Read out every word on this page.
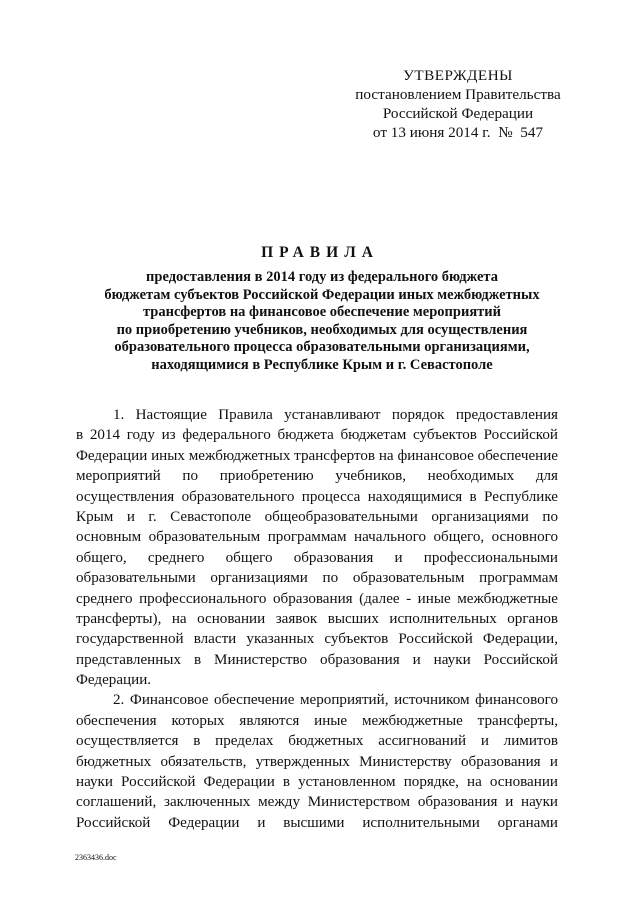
УТВЕРЖДЕНЫ
постановлением Правительства
Российской Федерации
от 13 июня 2014 г.  №  547
ПРАВИЛА
предоставления в 2014 году из федерального бюджета
бюджетам субъектов Российской Федерации иных межбюджетных
трансфертов на финансовое обеспечение мероприятий
по приобретению учебников, необходимых для осуществления
образовательного процесса образовательными организациями,
находящимися в Республике Крым и г. Севастополе
1. Настоящие Правила устанавливают порядок предоставления
в 2014 году из федерального бюджета бюджетам субъектов Российской
Федерации иных межбюджетных трансфертов на финансовое обеспечение
мероприятий по приобретению учебников, необходимых для
осуществления образовательного процесса находящимися в Республике
Крым и г. Севастополе общеобразовательными организациями по
основным образовательным программам начального общего, основного
общего, среднего общего образования и профессиональными
образовательными организациями по образовательным программам
среднего профессионального образования (далее - иные межбюджетные
трансферты), на основании заявок высших исполнительных органов
государственной власти указанных субъектов Российской Федерации,
представленных в Министерство образования и науки Российской
Федерации.
2. Финансовое обеспечение мероприятий, источником финансового
обеспечения которых являются иные межбюджетные трансферты,
осуществляется в пределах бюджетных ассигнований и лимитов
бюджетных обязательств, утвержденных Министерству образования и
науки Российской Федерации в установленном порядке, на основании
соглашений, заключенных между Министерством образования и науки
Российской Федерации и высшими исполнительными органами
2363436.doc
